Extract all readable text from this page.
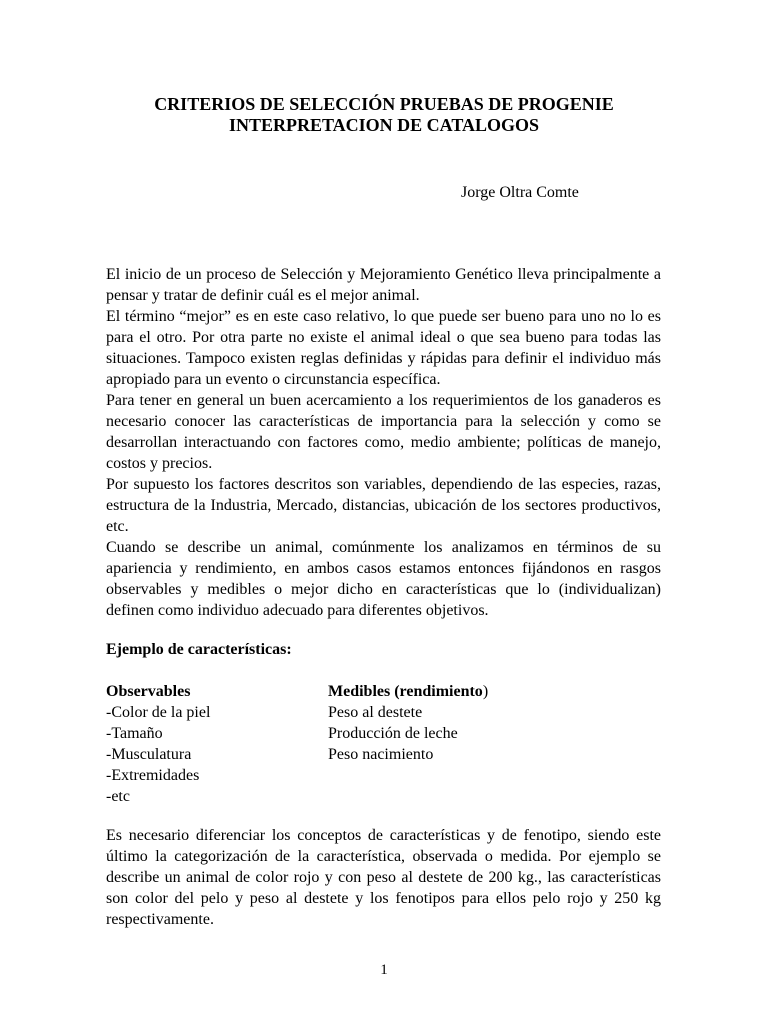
CRITERIOS DE SELECCIÓN PRUEBAS DE PROGENIE
INTERPRETACION DE CATALOGOS
Jorge Oltra Comte

El inicio de un proceso de Selección y Mejoramiento Genético lleva principalmente a pensar y tratar de definir cuál es el mejor animal.

El término “mejor” es en este caso relativo, lo que puede ser bueno para uno no lo es para el otro. Por otra parte no existe el animal ideal o que sea bueno para todas las situaciones. Tampoco existen reglas definidas y rápidas para definir el individuo más apropiado para un evento o circunstancia específica.

Para tener en general un buen acercamiento a los requerimientos de los ganaderos es necesario conocer las características de importancia para la selección y como se desarrollan interactuando con factores como, medio ambiente; políticas de manejo, costos y precios.

Por supuesto los factores descritos son variables, dependiendo de las especies, razas, estructura de la Industria, Mercado, distancias, ubicación de los sectores productivos, etc.

Cuando se describe un animal, comúnmente los analizamos en términos de su apariencia y rendimiento, en ambos casos estamos entonces fijándonos en rasgos observables y medibles o mejor dicho en características que lo (individualizan) definen como individuo adecuado para diferentes objetivos.

Ejemplo de características:
Observables
-Color de la piel
-Tamaño
-Musculatura
-Extremidades
-etc
Medibles (rendimiento)
Peso al destete
Producción de leche
Peso nacimiento
Es necesario diferenciar los conceptos de características y de fenotipo, siendo este último la categorización de la característica, observada o medida. Por ejemplo se describe un animal de color rojo y con peso al destete de 200 kg., las características son color del pelo y peso al destete y los fenotipos para ellos pelo rojo y 250 kg respectivamente.
1
